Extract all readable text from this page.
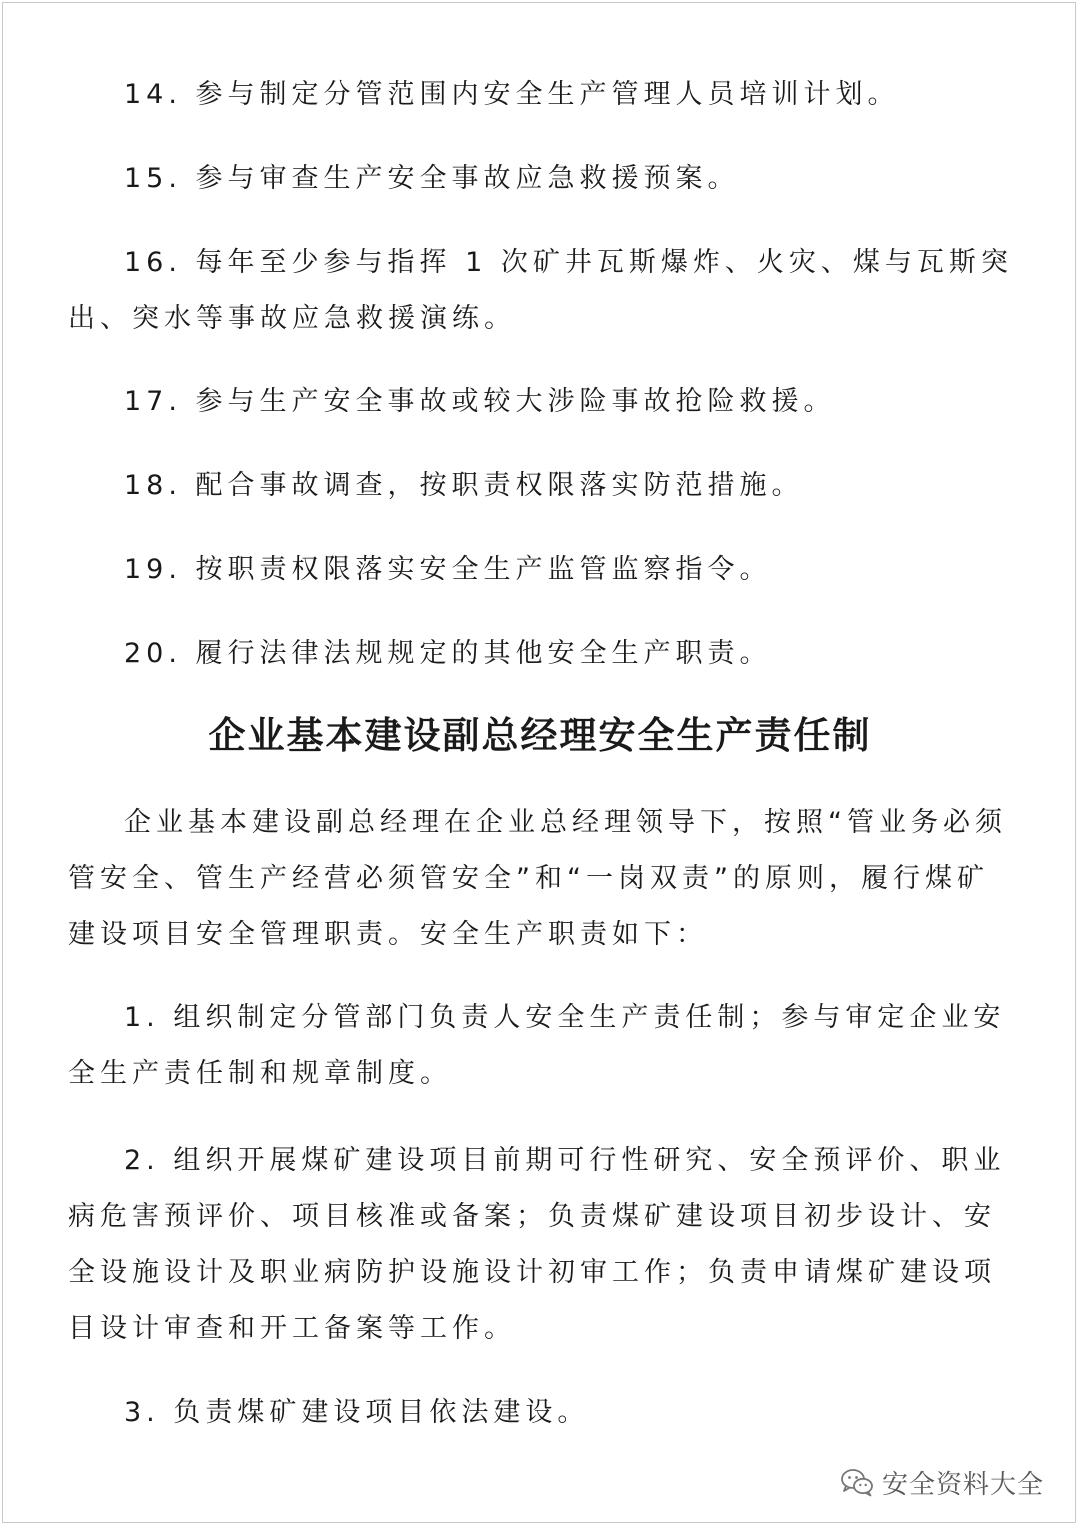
14. 参与制定分管范围内安全生产管理人员培训计划。

15. 参与审查生产安全事故应急救援预案。

16. 每年至少参与指挥 1 次矿井瓦斯爆炸、火灾、煤与瓦斯突出、突水等事故应急救援演练。

17. 参与生产安全事故或较大涉险事故抢险救援。

18. 配合事故调查，按职责权限落实防范措施。

19. 按职责权限落实安全生产监管监察指令。

20. 履行法律法规规定的其他安全生产职责。

企业基本建设副总经理安全生产责任制

企业基本建设副总经理在企业总经理领导下，按照“管业务必须管安全、管生产经营必须管安全”和“一岗双责”的原则，履行煤矿建设项目安全管理职责。安全生产职责如下：

1. 组织制定分管部门负责人安全生产责任制；参与审定企业安全生产责任制和规章制度。

2. 组织开展煤矿建设项目前期可行性研究、安全预评价、职业病危害预评价、项目核准或备案；负责煤矿建设项目初步设计、安全设施设计及职业病防护设施设计初审工作；负责申请煤矿建设项目设计审查和开工备案等工作。

3. 负责煤矿建设项目依法建设。

安全资料大全
